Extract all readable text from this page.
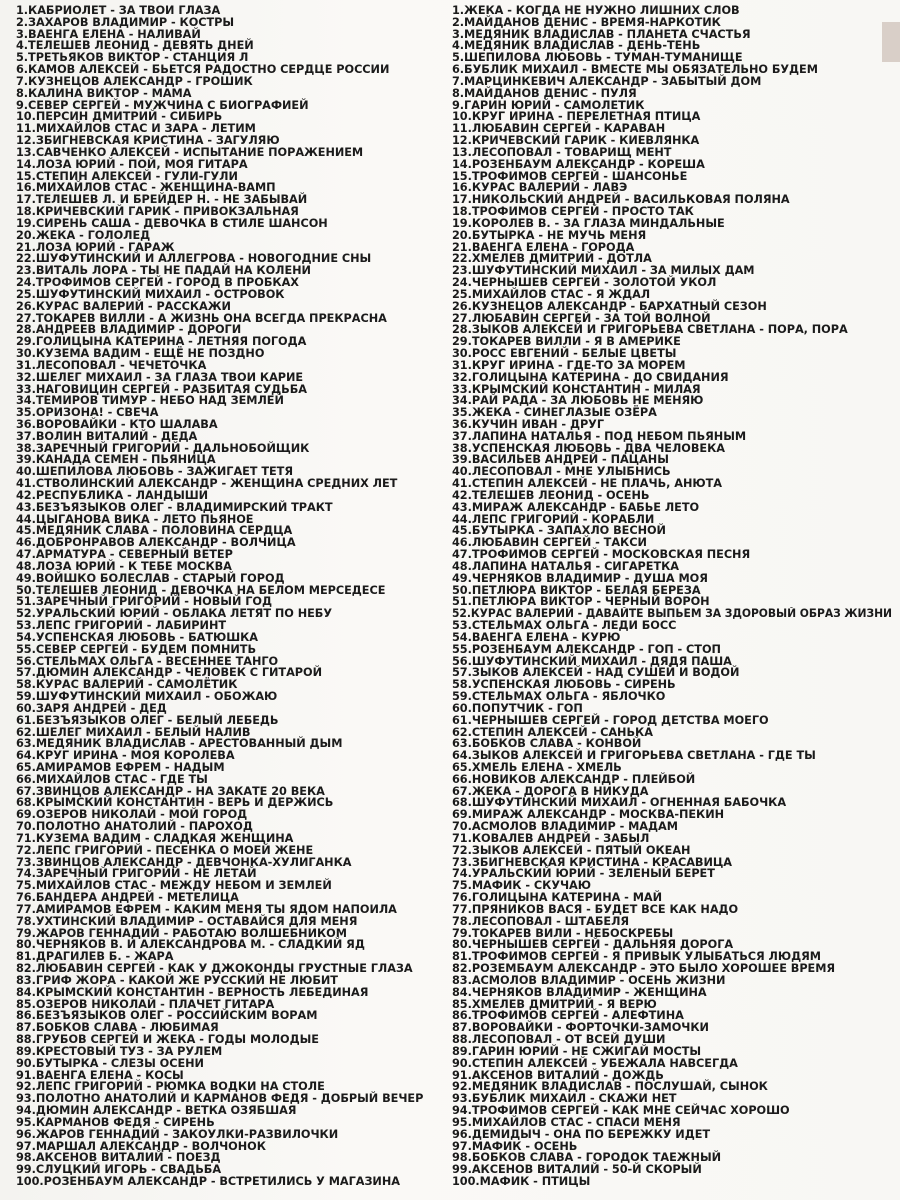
1.КАБРИОЛЕТ - ЗА ТВОИ ГЛАЗА
2.ЗАХАРОВ ВЛАДИМИР - КОСТРЫ
3.ВАЕНГА ЕЛЕНА - НАЛИВАЙ
4.ТЕЛЕШЕВ ЛЕОНИД - ДЕВЯТЬ ДНЕЙ
5.ТРЕТЬЯКОВ ВИКТОР - СТАНЦИЯ Л
6.КАМОВ АЛЕКСЕЙ - БЬЕТСЯ РАДОСТНО СЕРДЦЕ РОССИИ
7.КУЗНЕЦОВ АЛЕКСАНДР - ГРОШИК
8.КАЛИНА ВИКТОР - МАМА
9.СЕВЕР СЕРГЕЙ - МУЖЧИНА С БИОГРАФИЕЙ
10.ПЕРСИН ДМИТРИЙ - СИБИРЬ
11.МИХАЙЛОВ СТАС И ЗАРА - ЛЕТИМ
12.ЗБИГНЕВСКАЯ КРИСТИНА - ЗАГУЛЯЮ
13.САВЧЕНКО АЛЕКСЕЙ - ИСПЫТАНИЕ ПОРАЖЕНИЕМ
14.ЛОЗА ЮРИЙ - ПОЙ, МОЯ ГИТАРА
15.СТЕПИН АЛЕКСЕЙ - ГУЛИ-ГУЛИ
16.МИХАЙЛОВ СТАС - ЖЕНЩИНА-ВАМП
17.ТЕЛЕШЕВ Л. И БРЕЙДЕР Н. - НЕ ЗАБЫВАЙ
18.КРИЧЕВСКИЙ ГАРИК - ПРИВОКЗАЛЬНАЯ
19.СИРЕНЬ САША - ДЕВОЧКА В СТИЛЕ ШАНСОН
20.ЖЕКА - ГОЛОЛЕД
21.ЛОЗА ЮРИЙ - ГАРАЖ
22.ШУФУТИНСКИЙ И АЛЛЕГРОВА - НОВОГОДНИЕ СНЫ
23.ВИТАЛЬ ЛОРА - ТЫ НЕ ПАДАЙ НА КОЛЕНИ
24.ТРОФИМОВ СЕРГЕЙ - ГОРОД В ПРОБКАХ
25.ШУФУТИНСКИЙ МИХАИЛ - ОСТРОВОК
26.КУРАС ВАЛЕРИЙ - РАССКАЖИ
27.ТОКАРЕВ ВИЛЛИ - А ЖИЗНЬ ОНА ВСЕГДА ПРЕКРАСНА
28.АНДРЕЕВ ВЛАДИМИР - ДОРОГИ
29.ГОЛИЦЫНА КАТЕРИНА - ЛЕТНЯЯ ПОГОДА
30.КУЗЕМА ВАДИМ - ЕЩЁ НЕ ПОЗДНО
31.ЛЕСОПОВАЛ - ЧЕЧЕТОЧКА
32.ШЕЛЕГ МИХАИЛ - ЗА ГЛАЗА ТВОИ КАРИЕ
33.НАГОВИЦИН СЕРГЕЙ - РАЗБИТАЯ СУДЬБА
34.ТЕМИРОВ ТИМУР - НЕБО НАД ЗЕМЛЕЙ
35.ОРИЗОНА! - СВЕЧА
36.ВОРОВАЙКИ - КТО ШАЛАВА
37.ВОЛИН ВИТАЛИЙ - ДЕДА
38.ЗАРЕЧНЫЙ ГРИГОРИЙ - ДАЛЬНОБОЙЩИК
39.КАНАДА СЕМЕН - ПЬЯНИЦА
40.ШЕПИЛОВА ЛЮБОВЬ - ЗАЖИГАЕТ ТЕТЯ
41.СТВОЛИНСКИЙ АЛЕКСАНДР - ЖЕНЩИНА СРЕДНИХ ЛЕТ
42.РЕСПУБЛИКА - ЛАНДЫШИ
43.БЕЗЪЯЗЫКОВ ОЛЕГ - ВЛАДИМИРСКИЙ ТРАКТ
44.ЦЫГАНОВА ВИКА - ЛЕТО ПЬЯНОЕ
45.МЕДЯНИК СЛАВА - ПОЛОВИНА СЕРДЦА
46.ДОБРОНРАВОВ АЛЕКСАНДР - ВОЛЧИЦА
47.АРМАТУРА - СЕВЕРНЫЙ ВЕТЕР
48.ЛОЗА ЮРИЙ - К ТЕБЕ МОСКВА
49.ВОЙШКО БОЛЕСЛАВ - СТАРЫЙ ГОРОД
50.ТЕЛЕШЕВ ЛЕОНИД - ДЕВОЧКА НА БЕЛОМ МЕРСЕДЕСЕ
51.ЗАРЕЧНЫЙ ГРИГОРИЙ - НОВЫЙ ГОД
52.УРАЛЬСКИЙ ЮРИЙ - ОБЛАКА ЛЕТЯТ ПО НЕБУ
53.ЛЕПС ГРИГОРИЙ - ЛАБИРИНТ
54.УСПЕНСКАЯ ЛЮБОВЬ - БАТЮШКА
55.СЕВЕР СЕРГЕЙ - БУДЕМ ПОМНИТЬ
56.СТЕЛЬМАХ ОЛЬГА - ВЕСЕННЕЕ ТАНГО
57.ДЮМИН АЛЕКСАНДР - ЧЕЛОВЕК С ГИТАРОЙ
58.КУРАС ВАЛЕРИЙ - САМОЛЁТИК
59.ШУФУТИНСКИЙ МИХАИЛ - ОБОЖАЮ
60.ЗАРЯ АНДРЕЙ - ДЕД
61.БЕЗЪЯЗЫКОВ ОЛЕГ - БЕЛЫЙ ЛЕБЕДЬ
62.ШЕЛЕГ МИХАИЛ - БЕЛЫЙ НАЛИВ
63.МЕДЯНИК ВЛАДИСЛАВ - АРЕСТОВАННЫЙ ДЫМ
64.КРУГ ИРИНА - МОЯ КОРОЛЕВА
65.АМИРАМОВ ЕФРЕМ - НАДЫМ
66.МИХАЙЛОВ СТАС - ГДЕ ТЫ
67.ЗВИНЦОВ АЛЕКСАНДР - НА ЗАКАТЕ 20 ВЕКА
68.КРЫМСКИЙ КОНСТАНТИН - ВЕРЬ И ДЕРЖИСЬ
69.ОЗЕРОВ НИКОЛАЙ - МОЙ ГОРОД
70.ПОЛОТНО АНАТОЛИЙ - ПАРОХОД
71.КУЗЕМА ВАДИМ - СЛАДКАЯ ЖЕНЩИНА
72.ЛЕПС ГРИГОРИЙ - ПЕСЕНКА О МОЕЙ ЖЕНЕ
73.ЗВИНЦОВ АЛЕКСАНДР - ДЕВЧОНКА-ХУЛИГАНКА
74.ЗАРЕЧНЫЙ ГРИГОРИЙ - НЕ ЛЕТАЙ
75.МИХАЙЛОВ СТАС - МЕЖДУ НЕБОМ И ЗЕМЛЕЙ
76.БАНДЕРА АНДРЕЙ - МЕТЕЛИЦА
77.АМИРАМОВ ЕФРЕМ - КАКИМ МЕНЯ ТЫ ЯДОМ НАПОИЛА
78.УХТИНСКИЙ ВЛАДИМИР - ОСТАВАЙСЯ ДЛЯ МЕНЯ
79.ЖАРОВ ГЕННАДИЙ - РАБОТАЮ ВОЛШЕБНИКОМ
80.ЧЕРНЯКОВ В. И АЛЕКСАНДРОВА М. - СЛАДКИЙ ЯД
81.ДРАГИЛЕВ Б. - ЖАРА
82.ЛЮБАВИН СЕРГЕЙ - КАК У ДЖОКОНДЫ ГРУСТНЫЕ ГЛАЗА
83.ГРИФ ЖОРА - КАКОЙ ЖЕ РУССКИЙ НЕ ЛЮБИТ
84.КРЫМСКИЙ КОНСТАНТИН - ВЕРНОСТЬ ЛЕБЕДИНАЯ
85.ОЗЕРОВ НИКОЛАЙ - ПЛАЧЕТ ГИТАРА
86.БЕЗЪЯЗЫКОВ ОЛЕГ - РОССИЙСКИМ ВОРАМ
87.БОБКОВ СЛАВА - ЛЮБИМАЯ
88.ГРУБОВ СЕРГЕЙ И ЖЕКА - ГОДЫ МОЛОДЫЕ
89.КРЕСТОВЫЙ ТУЗ - ЗА РУЛЕМ
90.БУТЫРКА - СЛЕЗЫ ОСЕНИ
91.ВАЕНГА ЕЛЕНА - КОСЫ
92.ЛЕПС ГРИГОРИЙ - РЮМКА ВОДКИ НА СТОЛЕ
93.ПОЛОТНО АНАТОЛИЙ И КАРМАНОВ ФЕДЯ - ДОБРЫЙ ВЕЧЕР
94.ДЮМИН АЛЕКСАНДР - ВЕТКА ОЗЯБШАЯ
95.КАРМАНОВ ФЕДЯ - СИРЕНЬ
96.ЖАРОВ ГЕННАДИЙ - ЗАКОУЛКИ-РАЗВИЛОЧКИ
97.МАРШАЛ АЛЕКСАНДР - ВОЛЧОНОК
98.АКСЕНОВ ВИТАЛИЙ - ПОЕЗД
99.СЛУЦКИЙ ИГОРЬ - СВАДЬБА
100.РОЗЕНБАУМ АЛЕКСАНДР - ВСТРЕТИЛИСЬ У МАГАЗИНА
1.ЖЕКА - КОГДА НЕ НУЖНО ЛИШНИХ СЛОВ
2.МАЙДАНОВ ДЕНИС - ВРЕМЯ-НАРКОТИК
3.МЕДЯНИК ВЛАДИСЛАВ - ПЛАНЕТА СЧАСТЬЯ
4.МЕДЯНИК ВЛАДИСЛАВ - ДЕНЬ-ТЕНЬ
5.ШЕПИЛОВА ЛЮБОВЬ - ТУМАН-ТУМАНИЩЕ
6.БУБЛИК МИХАИЛ - ВМЕСТЕ МЫ ОБЯЗАТЕЛЬНО БУДЕМ
7.МАРЦИНКЕВИЧ АЛЕКСАНДР - ЗАБЫТЫЙ ДОМ
8.МАЙДАНОВ ДЕНИС - ПУЛЯ
9.ГАРИН ЮРИЙ - САМОЛЕТИК
10.КРУГ ИРИНА - ПЕРЕЛЕТНАЯ ПТИЦА
11.ЛЮБАВИН СЕРГЕЙ - КАРАВАН
12.КРИЧЕВСКИЙ ГАРИК - КИЕВЛЯНКА
13.ЛЕСОПОВАЛ - ТОВАРИЩ МЕНТ
14.РОЗЕНБАУМ АЛЕКСАНДР - КОРЕША
15.ТРОФИМОВ СЕРГЕЙ - ШАНСОНЬЕ
16.КУРАС ВАЛЕРИЙ - ЛАВЭ
17.НИКОЛЬСКИЙ АНДРЕЙ - ВАСИЛЬКОВАЯ ПОЛЯНА
18.ТРОФИМОВ СЕРГЕЙ - ПРОСТО ТАК
19.КОРОЛЕВ В. - ЗА ГЛАЗА МИНДАЛЬНЫЕ
20.БУТЫРКА - НЕ МУЧЬ МЕНЯ
21.ВАЕНГА ЕЛЕНА - ГОРОДА
22.ХМЕЛЕВ ДМИТРИЙ - ДОТЛА
23.ШУФУТИНСКИЙ МИХАИЛ - ЗА МИЛЫХ ДАМ
24.ЧЕРНЫШЕВ СЕРГЕЙ - ЗОЛОТОЙ УКОЛ
25.МИХАЙЛОВ СТАС - Я ЖДАЛ
26.КУЗНЕЦОВ АЛЕКСАНДР - БАРХАТНЫЙ СЕЗОН
27.ЛЮБАВИН СЕРГЕЙ - ЗА ТОЙ ВОЛНОЙ
28.ЗЫКОВ АЛЕКСЕЙ И ГРИГОРЬЕВА СВЕТЛАНА - ПОРА, ПОРА
29.ТОКАРЕВ ВИЛЛИ - Я В АМЕРИКЕ
30.РОСС ЕВГЕНИЙ - БЕЛЫЕ ЦВЕТЫ
31.КРУГ ИРИНА - ГДЕ-ТО ЗА МОРЕМ
32.ГОЛИЦЫНА КАТЕРИНА - ДО СВИДАНИЯ
33.КРЫМСКИЙ КОНСТАНТИН - МИЛАЯ
34.РАЙ РАДА - ЗА ЛЮБОВЬ НЕ МЕНЯЮ
35.ЖЕКА - СИНЕГЛАЗЫЕ ОЗЁРА
36.КУЧИН ИВАН - ДРУГ
37.ЛАПИНА НАТАЛЬЯ - ПОД НЕБОМ ПЬЯНЫМ
38.УСПЕНСКАЯ ЛЮБОВЬ - ДВА ЧЕЛОВЕКА
39.ВАСИЛЬЕВ АНДРЕЙ - ПАЦАНЫ
40.ЛЕСОПОВАЛ - МНЕ УЛЫБНИСЬ
41.СТЕПИН АЛЕКСЕЙ - НЕ ПЛАЧЬ, АНЮТА
42.ТЕЛЕШЕВ ЛЕОНИД - ОСЕНЬ
43.МИРАЖ АЛЕКСАНДР - БАБЬЕ ЛЕТО
44.ЛЕПС ГРИГОРИЙ - КОРАБЛИ
45.БУТЫРКА - ЗАПАХЛО ВЕСНОЙ
46.ЛЮБАВИН СЕРГЕЙ - ТАКСИ
47.ТРОФИМОВ СЕРГЕЙ - МОСКОВСКАЯ ПЕСНЯ
48.ЛАПИНА НАТАЛЬЯ - СИГАРЕТКА
49.ЧЕРНЯКОВ ВЛАДИМИР - ДУША МОЯ
50.ПЕТЛЮРА ВИКТОР - БЕЛАЯ БЕРЕЗА
51.ПЕТЛЮРА ВИКТОР - ЧЕРНЫЙ ВОРОН
52.КУРАС ВАЛЕРИЙ - ДАВАЙТЕ ВЫПЬЕМ ЗА ЗДОРОВЫЙ ОБРАЗ ЖИЗНИ
53.СТЕЛЬМАХ ОЛЬГА - ЛЕДИ БОСС
54.ВАЕНГА ЕЛЕНА - КУРЮ
55.РОЗЕНБАУМ АЛЕКСАНДР - ГОП - СТОП
56.ШУФУТИНСКИЙ МИХАИЛ - ДЯДЯ ПАША
57.ЗЫКОВ АЛЕКСЕЙ - НАД СУШЕЙ И ВОДОЙ
58.УСПЕНСКАЯ ЛЮБОВЬ - СИРЕНЬ
59.СТЕЛЬМАХ ОЛЬГА - ЯБЛОЧКО
60.ПОПУТЧИК - ГОП
61.ЧЕРНЫШЕВ СЕРГЕЙ - ГОРОД ДЕТСТВА МОЕГО
62.СТЕПИН АЛЕКСЕЙ - САНЬКА
63.БОБКОВ СЛАВА - КОНВОЙ
64.ЗЫКОВ АЛЕКСЕЙ И ГРИГОРЬЕВА СВЕТЛАНА - ГДЕ ТЫ
65.ХМЕЛЬ ЕЛЕНА - ХМЕЛЬ
66.НОВИКОВ АЛЕКСАНДР - ПЛЕЙБОЙ
67.ЖЕКА - ДОРОГА В НИКУДА
68.ШУФУТИНСКИЙ МИХАИЛ - ОГНЕННАЯ БАБОЧКА
69.МИРАЖ АЛЕКСАНДР - МОСКВА-ПЕКИН
70.АСМОЛОВ ВЛАДИМИР - МАДАМ
71.КОВАЛЕВ АНДРЕЙ - ЗАБЫЛ
72.ЗЫКОВ АЛЕКСЕЙ - ПЯТЫЙ ОКЕАН
73.ЗБИГНЕВСКАЯ КРИСТИНА - КРАСАВИЦА
74.УРАЛЬСКИЙ ЮРИЙ - ЗЕЛЕНЫЙ БЕРЕТ
75.МАФИК - СКУЧАЮ
76.ГОЛИЦЫНА КАТЕРИНА - МАЙ
77.ПРЯНИКОВ ВАСЯ - БУДЕТ ВСЕ КАК НАДО
78.ЛЕСОПОВАЛ - ШТАБЕЛЯ
79.ТОКАРЕВ ВИЛИ - НЕБОСКРЕБЫ
80.ЧЕРНЫШЕВ СЕРГЕЙ - ДАЛЬНЯЯ ДОРОГА
81.ТРОФИМОВ СЕРГЕЙ - Я ПРИВЫК УЛЫБАТЬСЯ ЛЮДЯМ
82.РОЗЕМБАУМ АЛЕКСАНДР - ЭТО БЫЛО ХОРОШЕЕ ВРЕМЯ
83.АСМОЛОВ ВЛАДИМИР - ОСЕНЬ ЖИЗНИ
84.ЧЕРНЯКОВ ВЛАДИМИР - ЖЕНЩИНА
85.ХМЕЛЕВ ДМИТРИЙ - Я ВЕРЮ
86.ТРОФИМОВ СЕРГЕЙ - АЛЕФТИНА
87.ВОРОВАЙКИ - ФОРТОЧКИ-ЗАМОЧКИ
88.ЛЕСОПОВАЛ - ОТ ВСЕЙ ДУШИ
89.ГАРИН ЮРИЙ - НЕ СЖИГАЙ МОСТЫ
90.СТЕПИН АЛЕКСЕЙ - УБЕЖАЛА НАВСЕГДА
91.АКСЕНОВ ВИТАЛИЙ - ДОЖДЬ
92.МЕДЯНИК ВЛАДИСЛАВ - ПОСЛУШАЙ, СЫНОК
93.БУБЛИК МИХАИЛ - СКАЖИ НЕТ
94.ТРОФИМОВ СЕРГЕЙ - КАК МНЕ СЕЙЧАС ХОРОШО
95.МИХАЙЛОВ СТАС - СПАСИ МЕНЯ
96.ДЕМИДЫЧ - ОНА ПО БЕРЕЖКУ ИДЕТ
97.МАФИК - ОСЕНЬ
98.БОБКОВ СЛАВА - ГОРОДОК ТАЕЖНЫЙ
99.АКСЕНОВ ВИТАЛИЙ - 50-Й СКОРЫЙ
100.МАФИК - ПТИЦЫ
